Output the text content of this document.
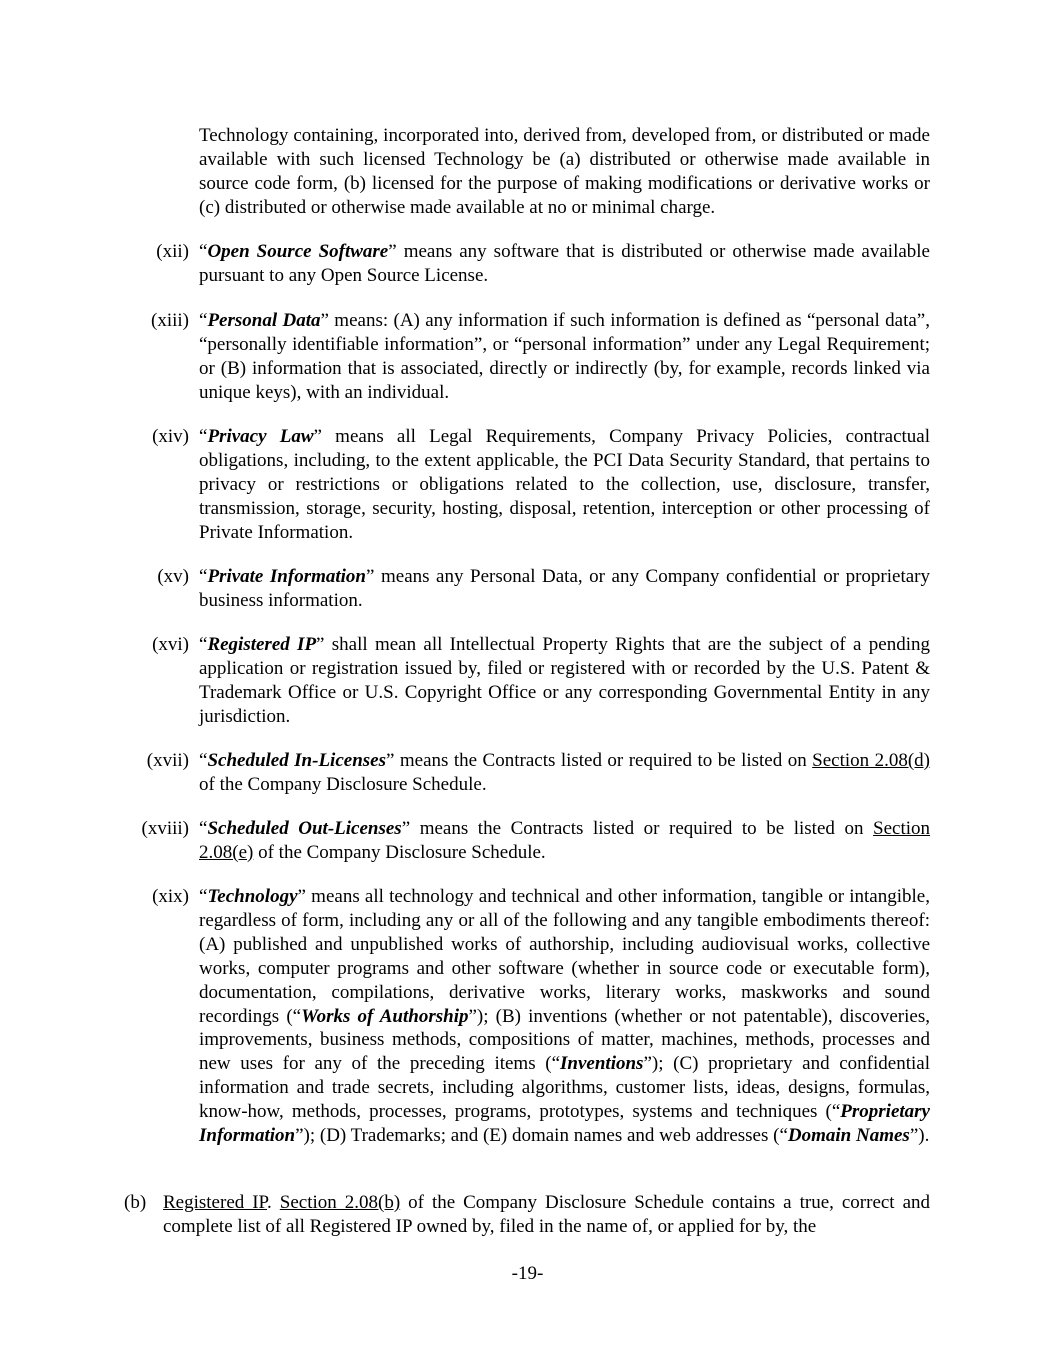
Technology containing, incorporated into, derived from, developed from, or distributed or made available with such licensed Technology be (a) distributed or otherwise made available in source code form, (b) licensed for the purpose of making modifications or derivative works or (c) distributed or otherwise made available at no or minimal charge.
(xii) “Open Source Software” means any software that is distributed or otherwise made available pursuant to any Open Source License.
(xiii) “Personal Data” means: (A) any information if such information is defined as “personal data”, “personally identifiable information”, or “personal information” under any Legal Requirement; or (B) information that is associated, directly or indirectly (by, for example, records linked via unique keys), with an individual.
(xiv) “Privacy Law” means all Legal Requirements, Company Privacy Policies, contractual obligations, including, to the extent applicable, the PCI Data Security Standard, that pertains to privacy or restrictions or obligations related to the collection, use, disclosure, transfer, transmission, storage, security, hosting, disposal, retention, interception or other processing of Private Information.
(xv) “Private Information” means any Personal Data, or any Company confidential or proprietary business information.
(xvi) “Registered IP” shall mean all Intellectual Property Rights that are the subject of a pending application or registration issued by, filed or registered with or recorded by the U.S. Patent & Trademark Office or U.S. Copyright Office or any corresponding Governmental Entity in any jurisdiction.
(xvii) “Scheduled In-Licenses” means the Contracts listed or required to be listed on Section 2.08(d) of the Company Disclosure Schedule.
(xviii) “Scheduled Out-Licenses” means the Contracts listed or required to be listed on Section 2.08(e) of the Company Disclosure Schedule.
(xix) “Technology” means all technology and technical and other information, tangible or intangible, regardless of form, including any or all of the following and any tangible embodiments thereof: (A) published and unpublished works of authorship, including audiovisual works, collective works, computer programs and other software (whether in source code or executable form), documentation, compilations, derivative works, literary works, maskworks and sound recordings (“Works of Authorship”); (B) inventions (whether or not patentable), discoveries, improvements, business methods, compositions of matter, machines, methods, processes and new uses for any of the preceding items (“Inventions”); (C) proprietary and confidential information and trade secrets, including algorithms, customer lists, ideas, designs, formulas, know-how, methods, processes, programs, prototypes, systems and techniques (“Proprietary Information”); (D) Trademarks; and (E) domain names and web addresses (“Domain Names”).
(b) Registered IP. Section 2.08(b) of the Company Disclosure Schedule contains a true, correct and complete list of all Registered IP owned by, filed in the name of, or applied for by, the
-19-
